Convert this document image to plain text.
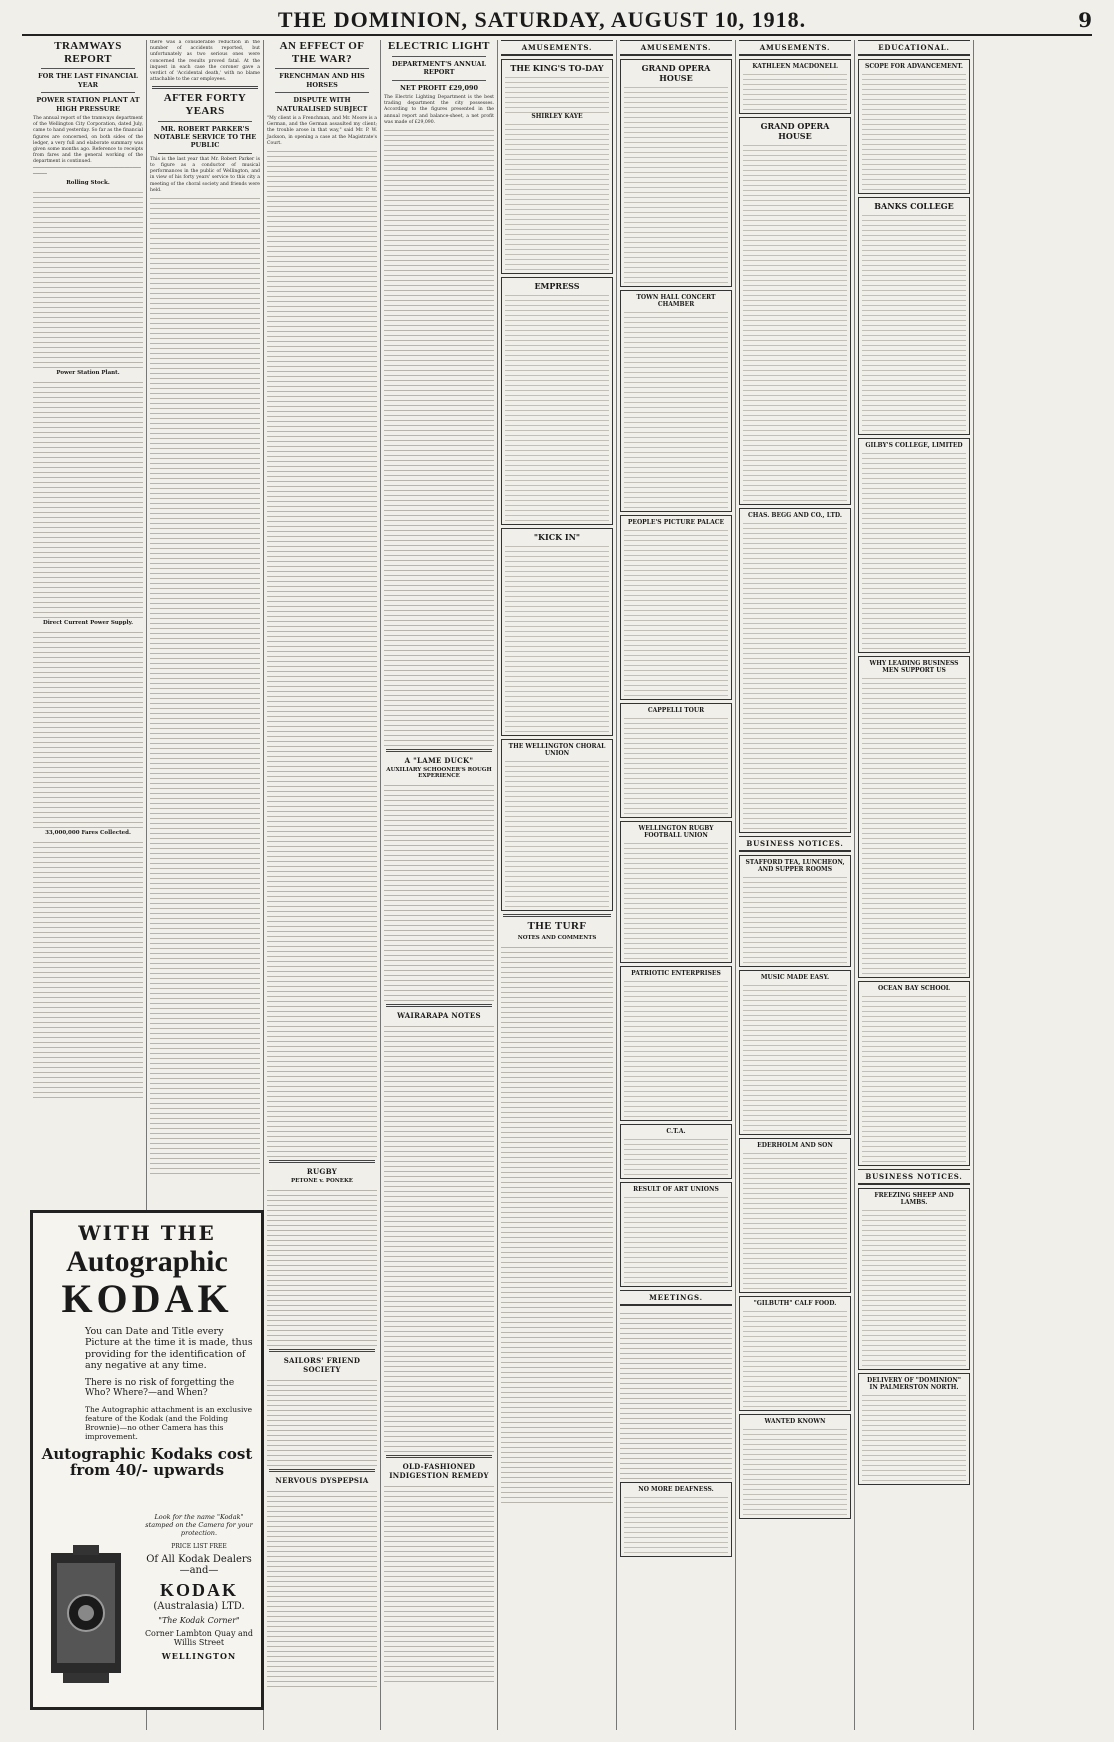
THE DOMINION, SATURDAY, AUGUST 10, 1918.	9
TRAMWAYS REPORT
FOR THE LAST FINANCIAL YEAR
POWER STATION PLANT AT HIGH PRESSURE
The annual report of the tramways department of the Wellington City Corporation, dated July, came to hand yesterday. So far as the financial figures are concerned, on both sides of the ledger, a very full and elaborate summary was given some months ago. Reference to receipts from fares and the general working of the department is continued.
────────────────────────────────────────────
Rolling Stock.
Power Station Plant.
Direct Current Power Supply.
33,000,000 Fares Collected.
there was a considerable reduction in the number of accidents reported, but unfortunately as two serious ones were concerned the results proved fatal. At the inquest in each case the coroner gave a verdict of 'Accidental death,' with no blame attachable to the car employees.
AFTER FORTY YEARS
MR. ROBERT PARKER'S NOTABLE SERVICE TO THE PUBLIC
This is the last year that Mr. Robert Parker is to figure as a conductor of musical performances in the public of Wellington, and in view of his forty years' service to this city a meeting of the choral society and friends were held.
AN EFFECT OF THE WAR?
FRENCHMAN AND HIS HORSES
DISPUTE WITH NATURALISED SUBJECT
"My client is a Frenchman, and Mr. Moore is a German, and the German assaulted my client; the trouble arose in that way," said Mr. P. W. Jackson, in opening a case at the Magistrate's Court.
RUGBY
PETONE v. PONEKE
SAILORS' FRIEND SOCIETY
NERVOUS DYSPEPSIA
ELECTRIC LIGHT
DEPARTMENT'S ANNUAL REPORT
NET PROFIT £29,090
The Electric Lighting Department is the best trading department the city possesses. According to the figures presented in the annual report and balance-sheet, a net profit was made of £29,090.
A "LAME DUCK"
AUXILIARY SCHOONER'S ROUGH EXPERIENCE
WAIRARAPA NOTES
OLD-FASHIONED INDIGESTION REMEDY
AMUSEMENTS.
THE KING'S TO-DAY
SHIRLEY KAYE
EMPRESS
"KICK IN"
THE WELLINGTON CHORAL UNION
THE TURF
NOTES AND COMMENTS
AMUSEMENTS.
GRAND OPERA HOUSE
TOWN HALL CONCERT CHAMBER
PEOPLE'S PICTURE PALACE
CAPPELLI TOUR
WELLINGTON RUGBY FOOTBALL UNION
PATRIOTIC ENTERPRISES
C.T.A.
RESULT OF ART UNIONS
MEETINGS.
NO MORE DEAFNESS.
AMUSEMENTS.
KATHLEEN MACDONELL
GRAND OPERA HOUSE
CHAS. BEGG AND CO., LTD.
BUSINESS NOTICES.
STAFFORD TEA, LUNCHEON, AND SUPPER ROOMS
MUSIC MADE EASY.
EDERHOLM AND SON
"GILBUTH" CALF FOOD.
WANTED KNOWN
EDUCATIONAL.
SCOPE FOR ADVANCEMENT.
BANKS COLLEGE
GILBY'S COLLEGE, LIMITED
WHY LEADING BUSINESS MEN SUPPORT US
OCEAN BAY SCHOOL
BUSINESS NOTICES.
FREEZING SHEEP AND LAMBS.
DELIVERY OF "DOMINION" IN PALMERSTON NORTH.
WITH THE
Autographic
KODAK
You can Date and Title every Picture at the time it is made, thus providing for the identification of any negative at any time.
There is no risk of forgetting the Who? Where?—and When?
The Autographic attachment is an exclusive feature of the Kodak (and the Folding Brownie)—no other Camera has this improvement.
Autographic Kodaks cost from 40/- upwards
Look for the name "Kodak" stamped on the Camera for your protection.
PRICE LIST FREE
Of All Kodak Dealers —and—
KODAK
(Australasia) LTD.
"The Kodak Corner"
Corner Lambton Quay and Willis Street
WELLINGTON
